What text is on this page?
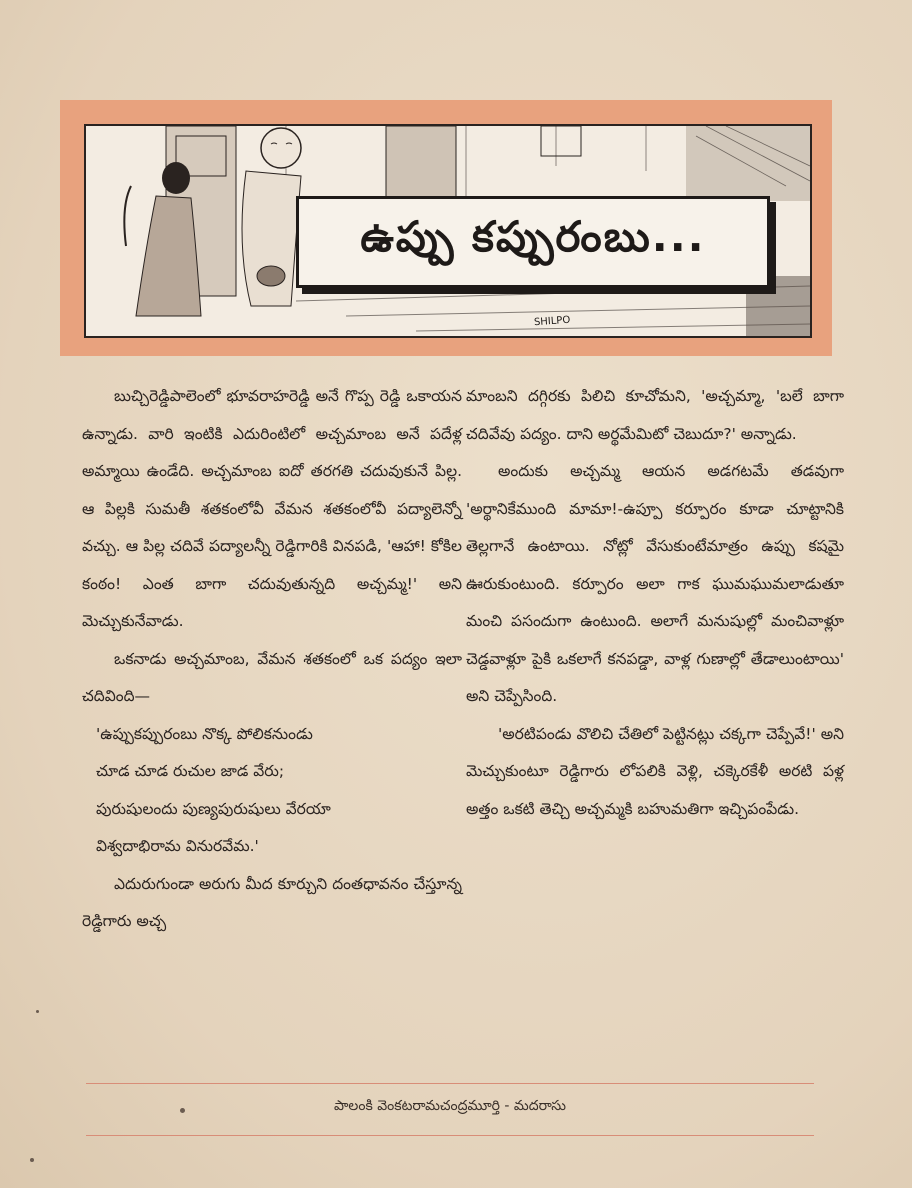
ఉప్పు కప్పురంబు...
SHILPO

బుచ్చిరెడ్డిపాలెంలో భూవరాహరెడ్డి అనే గొప్ప రెడ్డి ఒకాయన ఉన్నాడు. వారి ఇంటికి ఎదురింటిలో అచ్చమాంబ అనే పదేళ్ల అమ్మాయి ఉండేది. అచ్చమాంబ ఐదో తరగతి చదువుకునే పిల్ల. ఆ పిల్లకి సుమతీ శతకంలోవీ వేమన శతకంలోవీ పద్యాలెన్నో వచ్చు. ఆ పిల్ల చదివే పద్యాలన్నీ రెడ్డిగారికి వినపడి, 'ఆహా! కోకిల కంఠం! ఎంత బాగా చదువుతున్నది అచ్చమ్మ!' అని మెచ్చుకునేవాడు.

ఒకనాడు అచ్చమాంబ, వేమన శతకంలో ఒక పద్యం ఇలా చదివింది—

'ఉప్పుకప్పురంబు నొక్క పోలికనుండు
చూడ చూడ రుచుల జాడ వేరు;
పురుషులందు పుణ్యపురుషులు వేరయా
విశ్వదాభిరామ వినురవేమ.'

ఎదురుగుండా అరుగు మీద కూర్చుని దంతధావనం చేస్తూన్న రెడ్డిగారు అచ్చ

మాంబని దగ్గిరకు పిలిచి కూచోమని, 'అచ్చమ్మా, 'బలే బాగా చదివేవు పద్యం. దాని అర్థమేమిటో చెబుదూ?' అన్నాడు.

అందుకు అచ్చమ్మ ఆయన అడగటమే తడవుగా 'అర్థానికేముంది మామా!-ఉప్పూ కర్పూరం కూడా చూట్టానికి తెల్లగానే ఉంటాయి. నోట్లో వేసుకుంటేమాత్రం ఉప్పు కషమై ఊరుకుంటుంది. కర్పూరం అలా గాక ఘుమఘుమలాడుతూ మంచి పసందుగా ఉంటుంది. అలాగే మనుషుల్లో మంచివాళ్లూ చెడ్డవాళ్లూ పైకి ఒకలాగే కనపడ్డా, వాళ్ల గుణాల్లో తేడాలుంటాయి' అని చెప్పేసింది.

'అరటిపండు వొలిచి చేతిలో పెట్టినట్లు చక్కగా చెప్పేవే!' అని మెచ్చుకుంటూ రెడ్డిగారు లోపలికి వెళ్లి, చక్కెరకేళీ అరటి పళ్ల అత్తం ఒకటి తెచ్చి అచ్చమ్మకి బహుమతిగా ఇచ్చిపంపేడు.

పాలంకి వెంకటరామచంద్రమూర్తి - మదరాసు
